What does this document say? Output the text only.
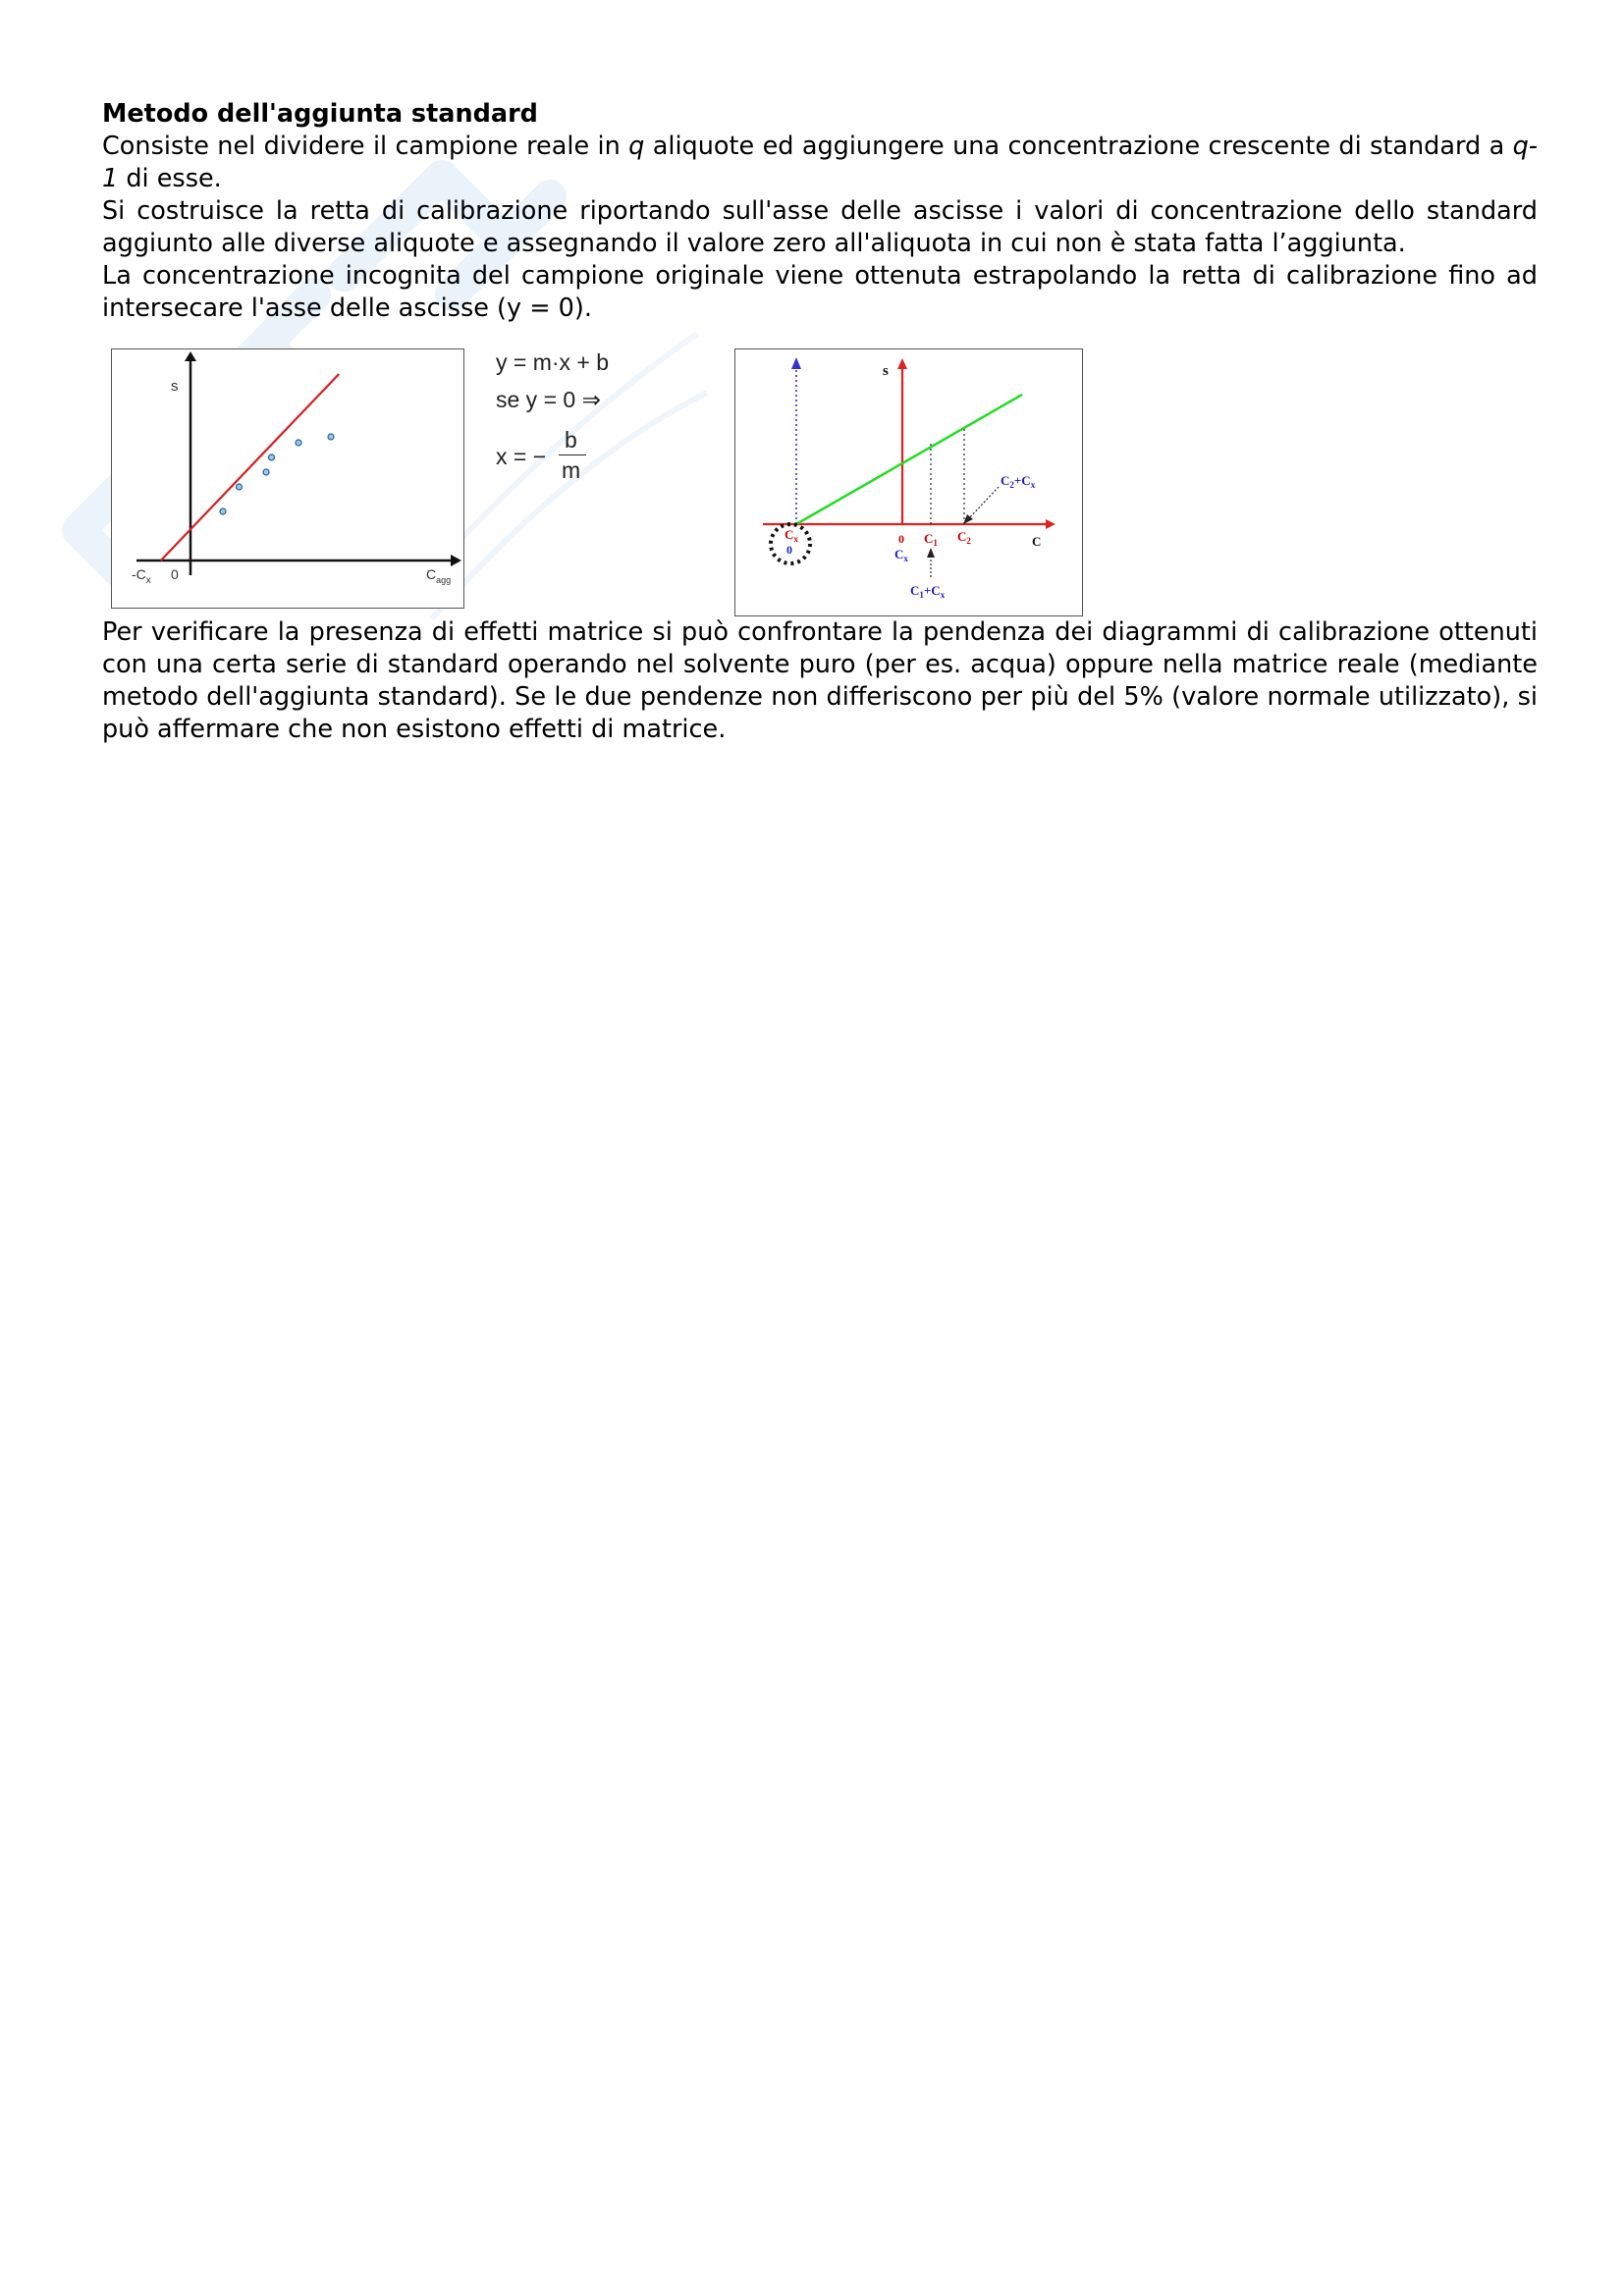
Metodo dell'aggiunta standard

Consiste nel dividere il campione reale in q aliquote ed aggiungere una concentrazione crescente di standard a q-1 di esse.

Si costruisce la retta di calibrazione riportando sull'asse delle ascisse i valori di concentrazione dello standard aggiunto alle diverse aliquote e assegnando il valore zero all'aliquota in cui non è stata fatta l’aggiunta.

La concentrazione incognita del campione originale viene ottenuta estrapolando la retta di calibrazione fino ad intersecare l'asse delle ascisse (y = 0).

s
$-C_x$ 0	$C_{agg}$
y = m·x + b
se y = 0 ⇒
x = −
b
m
s
C
$C_x$
0
0
$C_x$
$C_1$ $C_2$
$C_2+C_x$
$C_1+C_x$

Per verificare la presenza di effetti matrice si può confrontare la pendenza dei diagrammi di calibrazione ottenuti con una certa serie di standard operando nel solvente puro (per es. acqua) oppure nella matrice reale (mediante metodo dell'aggiunta standard). Se le due pendenze non differiscono per più del 5% (valore normale utilizzato), si può affermare che non esistono effetti di matrice.
